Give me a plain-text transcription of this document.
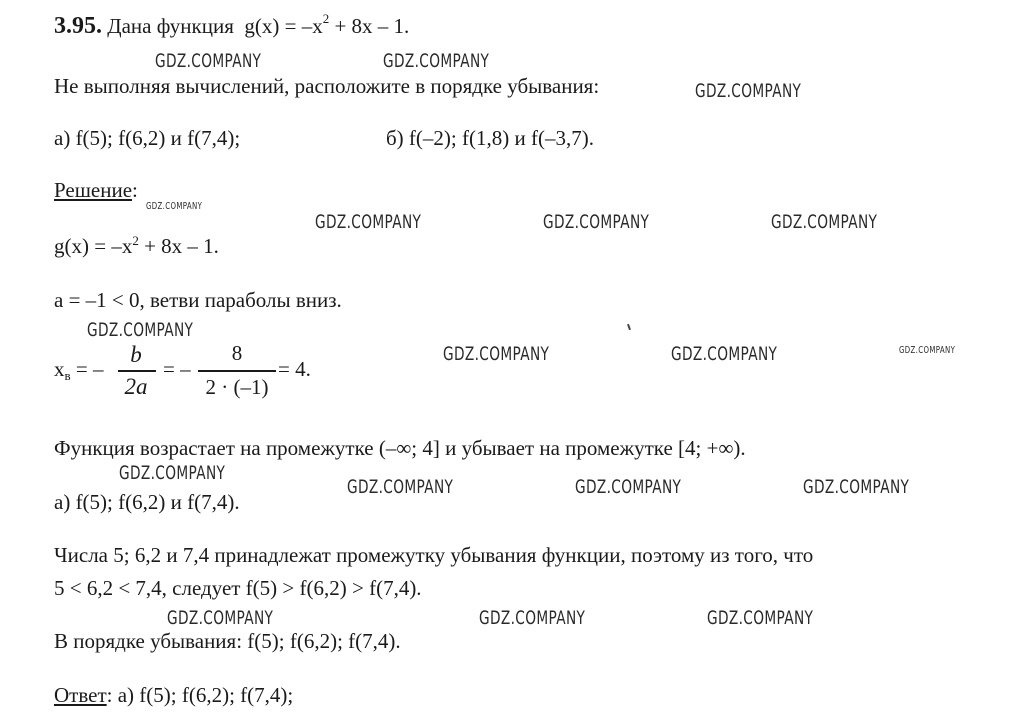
3.95. Дана функция $g(x) = -x^2 + 8x - 1$.
Не выполняя вычислений, расположите в порядке убывания:
а) f(5); f(6,2) и f(7,4);	б) f(–2); f(1,8) и f(–3,7).
Решение:
$g(x) = -x^2 + 8x - 1$.
a = –1 < 0, ветви параболы вниз.
xв = –
b
2a
= –
8
2 · (–1)
= 4.
Функция возрастает на промежутке (–∞; 4] и убывает на промежутке [4; +∞).
а) f(5); f(6,2) и f(7,4).
Числа 5; 6,2 и 7,4 принадлежат промежутку убывания функции, поэтому из того, что
5 < 6,2 < 7,4, следует f(5) > f(6,2) > f(7,4).
В порядке убывания: f(5); f(6,2); f(7,4).
Ответ: а) f(5); f(6,2); f(7,4);
GDZ.COMPANY	GDZ.COMPANY
GDZ.COMPANY
GDZ.COMPANY
GDZ.COMPANY	GDZ.COMPANY	GDZ.COMPANY
GDZ.COMPANY
GDZ.COMPANY	GDZ.COMPANY	GDZ.COMPANY
GDZ.COMPANY
GDZ.COMPANY	GDZ.COMPANY	GDZ.COMPANY
GDZ.COMPANY	GDZ.COMPANY	GDZ.COMPANY
